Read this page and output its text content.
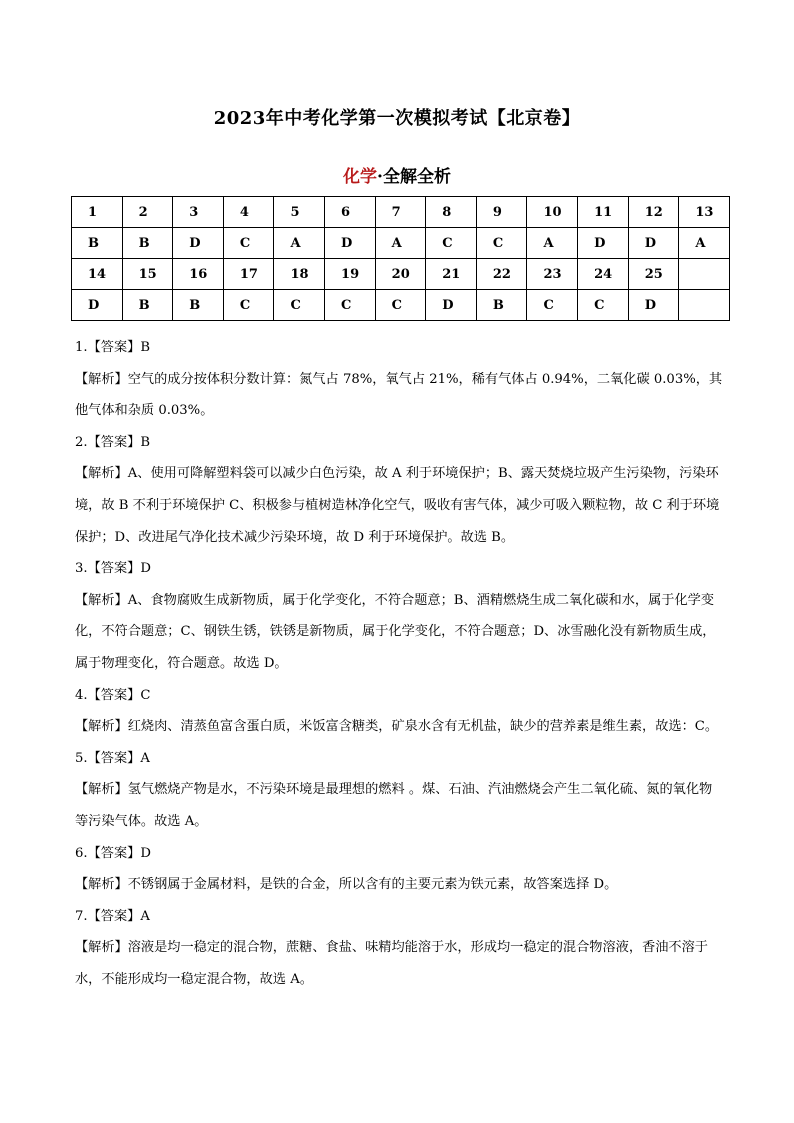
2023年中考化学第一次模拟考试【北京卷】
化学·全解全析
1	2	3	4	5	6	7	8	9	10	11	12	13
B	B	D	C	A	D	A	C	C	A	D	D	A
14	15	16	17	18	19	20	21	22	23	24	25	
D	B	B	C	C	C	C	D	B	C	C	D	

1.【答案】B

【解析】空气的成分按体积分数计算：氮气占 78%，氧气占 21%，稀有气体占 0.94%，二氧化碳 0.03%，其他气体和杂质 0.03%。

2.【答案】B

【解析】A、使用可降解塑料袋可以减少白色污染，故 A 利于环境保护；B、露天焚烧垃圾产生污染物，污染环境，故 B 不利于环境保护 C、积极参与植树造林净化空气，吸收有害气体，减少可吸入颗粒物，故 C 利于环境保护；D、改进尾气净化技术减少污染环境，故 D 利于环境保护。故选 B。

3.【答案】D

【解析】A、食物腐败生成新物质，属于化学变化，不符合题意；B、酒精燃烧生成二氧化碳和水，属于化学变化，不符合题意；C、钢铁生锈，铁锈是新物质，属于化学变化，不符合题意；D、冰雪融化没有新物质生成，属于物理变化，符合题意。故选 D。

4.【答案】C

【解析】红烧肉、清蒸鱼富含蛋白质，米饭富含糖类，矿泉水含有无机盐，缺少的营养素是维生素，故选：C。

5.【答案】A

【解析】氢气燃烧产物是水，不污染环境是最理想的燃料 。煤、石油、汽油燃烧会产生二氧化硫、氮的氧化物等污染气体。故选 A。

6.【答案】D

【解析】不锈钢属于金属材料，是铁的合金，所以含有的主要元素为铁元素，故答案选择 D。

7.【答案】A

【解析】溶液是均一稳定的混合物，蔗糖、食盐、味精均能溶于水，形成均一稳定的混合物溶液，香油不溶于水，不能形成均一稳定混合物，故选 A。
